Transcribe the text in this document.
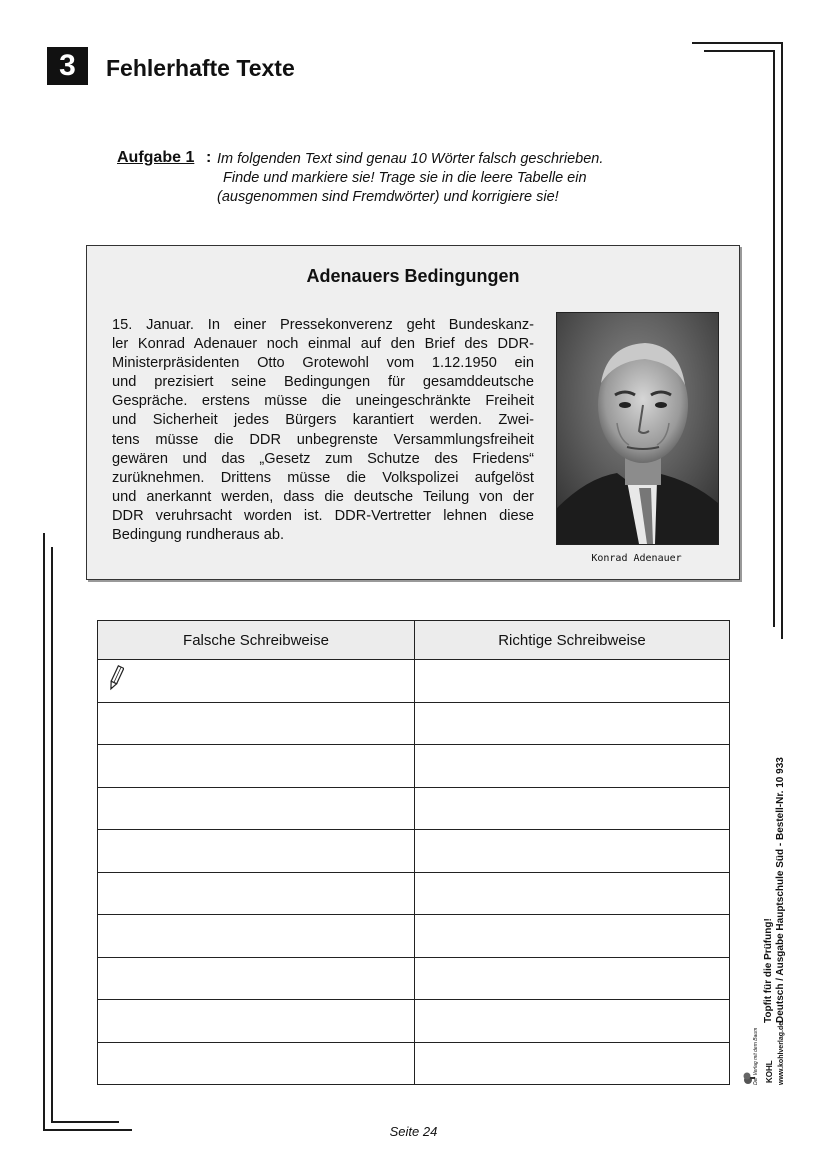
3	Fehlerhafte Texte
Aufgabe 1 : Im folgenden Text sind genau 10 Wörter falsch geschrieben.
Finde und markiere sie! Trage sie in die leere Tabelle ein
(ausgenommen sind Fremdwörter) und korrigiere sie!
Adenauers Bedingungen
15. Januar. In einer Pressekonverenz geht Bundeskanz-
ler Konrad Adenauer noch einmal auf den Brief des DDR-
Ministerpräsidenten Otto Grotewohl vom 1.12.1950 ein
und prezisiert seine Bedingungen für gesamddeutsche
Gespräche. erstens müsse die uneingeschränkte Freiheit
und Sicherheit jedes Bürgers karantiert werden. Zwei-
tens müsse die DDR unbegrenste Versammlungsfreiheit
gewären und das „Gesetz zum Schutze des Friedens“
zurüknehmen. Drittens müsse die Volkspolizei aufgelöst
und anerkannt werden, dass die deutsche Teilung von der
DDR veruhrsacht worden ist. DDR-Vertretter lehnen diese
Bedingung rundheraus ab.
Konrad Adenauer
Falsche Schreibweise	Richtige Schreibweise

Seite 24
Der Verlag mit dem Baum KOHL www.kohlverlag.de
Topfit für die Prüfung! Deutsch / Ausgabe Hauptschule Süd - Bestell-Nr. 10 933
